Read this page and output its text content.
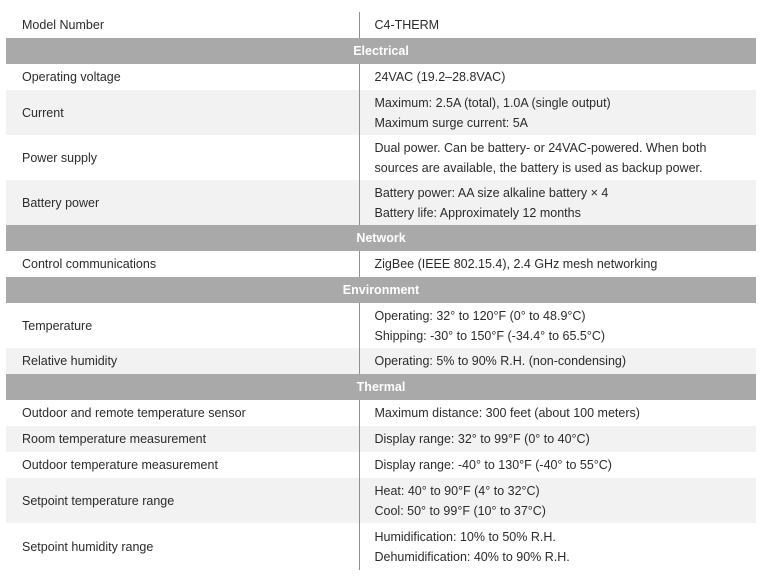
Model Number	C4-THERM
Electrical	
Operating voltage	24VAC (19.2–28.8VAC)

Current	Maximum: 2.5A (total), 1.0A (single output)
Maximum surge current: 5A

Power supply	Dual power. Can be battery- or 24VAC-powered. When both
sources are available, the battery is used as backup power.

Battery power	Battery power: AA size alkaline battery × 4
Battery life: Approximately 12 months

Network	
Control communications	ZigBee (IEEE 802.15.4), 2.4 GHz mesh networking

Environment	
Temperature	Operating: 32° to 120°F (0° to 48.9°C)
Shipping: -30° to 150°F (-34.4° to 65.5°C)

Relative humidity	Operating: 5% to 90% R.H. (non-condensing)

Thermal	
Outdoor and remote temperature sensor	Maximum distance: 300 feet (about 100 meters)

Room temperature measurement	Display range: 32° to 99°F (0° to 40°C)

Outdoor temperature measurement	Display range: -40° to 130°F (-40° to 55°C)

Setpoint temperature range	Heat: 40° to 90°F (4° to 32°C)
Cool: 50° to 99°F (10° to 37°C)

Setpoint humidity range	Humidification: 10% to 50% R.H.
Dehumidification: 40% to 90% R.H.
